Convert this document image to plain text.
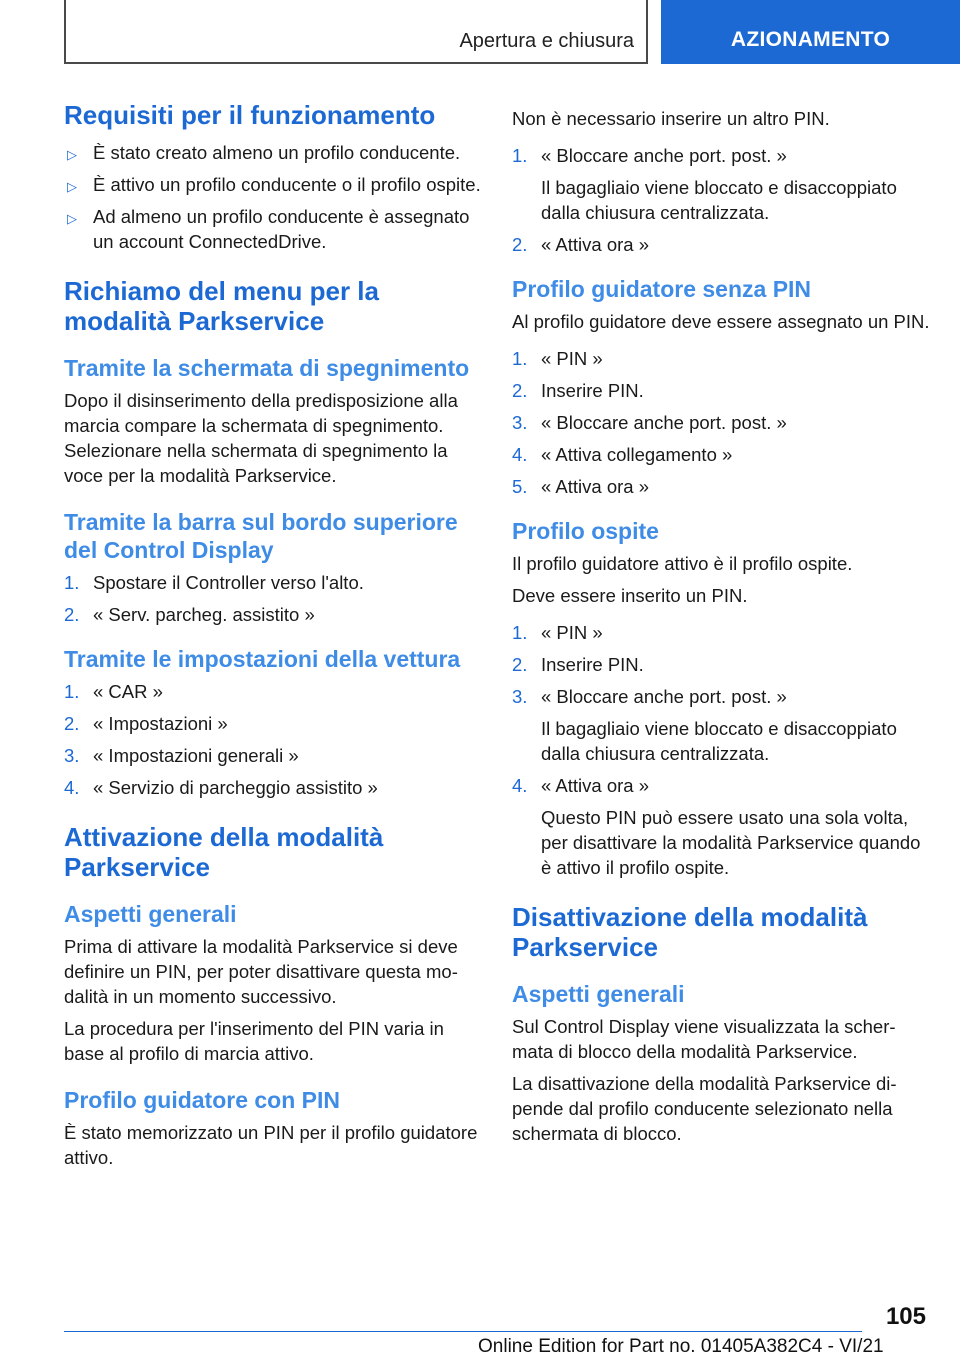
Apertura e chiusura	AZIONAMENTO
Requisiti per il funzionamento
▷ È stato creato almeno un profilo conducente.
▷ È attivo un profilo conducente o il profilo ospite.
▷ Ad almeno un profilo conducente è assegnato un account ConnectedDrive.
Richiamo del menu per la modalità Parkservice
Tramite la schermata di spegnimento

Dopo il disinserimento della predisposizione alla marcia compare la schermata di spegnimento. Selezionare nella schermata di spegnimento la voce per la modalità Parkservice.

Tramite la barra sul bordo superiore del Control Display
1. Spostare il Controller verso l'alto.
2. « Serv. parcheg. assistito »
Tramite le impostazioni della vettura
1. « CAR »
2. « Impostazioni »
3. « Impostazioni generali »
4. « Servizio di parcheggio assistito »
Attivazione della modalità Parkservice
Aspetti generali

Prima di attivare la modalità Parkservice si deve definire un PIN, per poter disattivare questa modalità in un momento successivo.

La procedura per l'inserimento del PIN varia in base al profilo di marcia attivo.

Profilo guidatore con PIN

È stato memorizzato un PIN per il profilo guidatore attivo.

Non è necessario inserire un altro PIN.

1. « Bloccare anche port. post. »
Il bagagliaio viene bloccato e disaccoppiato dalla chiusura centralizzata.
2. « Attiva ora »
Profilo guidatore senza PIN

Al profilo guidatore deve essere assegnato un PIN.

1. « PIN »
2. Inserire PIN.
3. « Bloccare anche port. post. »
4. « Attiva collegamento »
5. « Attiva ora »
Profilo ospite

Il profilo guidatore attivo è il profilo ospite.

Deve essere inserito un PIN.

1. « PIN »
2. Inserire PIN.
3. « Bloccare anche port. post. »
Il bagagliaio viene bloccato e disaccoppiato dalla chiusura centralizzata.
4. « Attiva ora »
Questo PIN può essere usato una sola volta, per disattivare la modalità Parkservice quando è attivo il profilo ospite.
Disattivazione della modalità Parkservice
Aspetti generali

Sul Control Display viene visualizzata la schermata di blocco della modalità Parkservice.

La disattivazione della modalità Parkservice dipende dal profilo conducente selezionato nella schermata di blocco.

105
Online Edition for Part no. 01405A382C4 - VI/21
